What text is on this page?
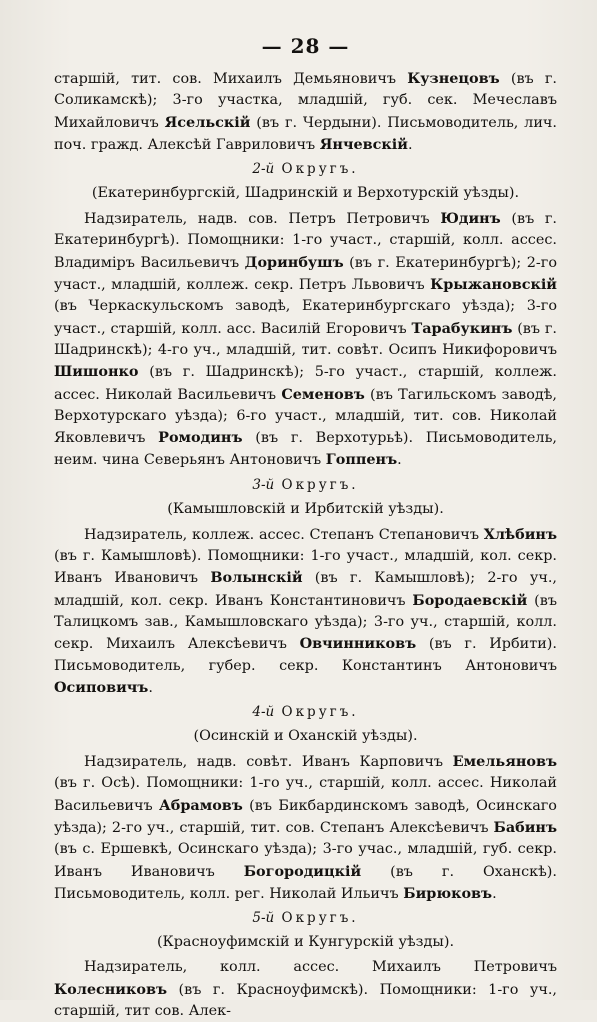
— 28 —

старшій, тит. сов. Михаилъ Демьяновичъ Кузнецовъ (въ г. Соликамскѣ); 3-го участка, младшій, губ. сек. Мечеславъ Михайловичъ Ясельскій (въ г. Чердыни). Письмоводитель, лич. поч. гражд. Алексѣй Гавриловичъ Янчевскій.

2-й Округъ.
(Екатеринбургскій, Шадринскій и Верхотурскій уѣзды).

Надзиратель, надв. сов. Петръ Петровичъ Юдинъ (въ г. Екатеринбургѣ). Помощники: 1-го участ., старшій, колл. ассес. Владиміръ Васильевичъ Доринбушъ (въ г. Екатеринбургѣ); 2-го участ., младшій, коллеж. секр. Петръ Львовичъ Крыжановскій (въ Черкаскульскомъ заводѣ, Екатеринбургскаго уѣзда); 3-го участ., старшій, колл. асс. Василій Егоровичъ Тарабукинъ (въ г. Шадринскѣ); 4-го уч., младшій, тит. совѣт. Осипъ Никифоровичъ Шишонко (въ г. Шадринскѣ); 5-го участ., старшій, коллеж. ассес. Николай Васильевичъ Семеновъ (въ Тагильскомъ заводѣ, Верхотурскаго уѣзда); 6-го участ., младшій, тит. сов. Николай Яковлевичъ Ромодинъ (въ г. Верхотурьѣ). Письмоводитель, неим. чина Северьянъ Антоновичъ Гоппенъ.

3-й Округъ.
(Камышловскій и Ирбитскій уѣзды).

Надзиратель, коллеж. ассес. Степанъ Степановичъ Хлѣбинъ (въ г. Камышловѣ). Помощники: 1-го участ., младшій, кол. секр. Иванъ Ивановичъ Волынскій (въ г. Камышловѣ); 2-го уч., младшій, кол. секр. Иванъ Константиновичъ Бородаевскій (въ Талицкомъ зав., Камышловскаго уѣзда); 3-го уч., старшій, колл. секр. Михаилъ Алексѣевичъ Овчинниковъ (въ г. Ирбити). Письмоводитель, губер. секр. Константинъ Антоновичъ Осиповичъ.

4-й Округъ.
(Осинскій и Оханскій уѣзды).

Надзиратель, надв. совѣт. Иванъ Карповичъ Емельяновъ (въ г. Осѣ). Помощники: 1-го уч., старшій, колл. ассес. Николай Васильевичъ Абрамовъ (въ Бикбардинскомъ заводѣ, Осинскаго уѣзда); 2-го уч., старшій, тит. сов. Степанъ Алексѣевичъ Бабинъ (въ с. Ершевкѣ, Осинскаго уѣзда); 3-го учас., младшій, губ. секр. Иванъ Ивановичъ Богородицкій (въ г. Оханскѣ). Письмоводитель, колл. рег. Николай Ильичъ Бирюковъ.

5-й Округъ.
(Красноуфимскій и Кунгурскій уѣзды).

Надзиратель, колл. ассес. Михаилъ Петровичъ Колесниковъ (въ г. Красноуфимскѣ). Помощники: 1-го уч., старшій, тит сов. Алек-
